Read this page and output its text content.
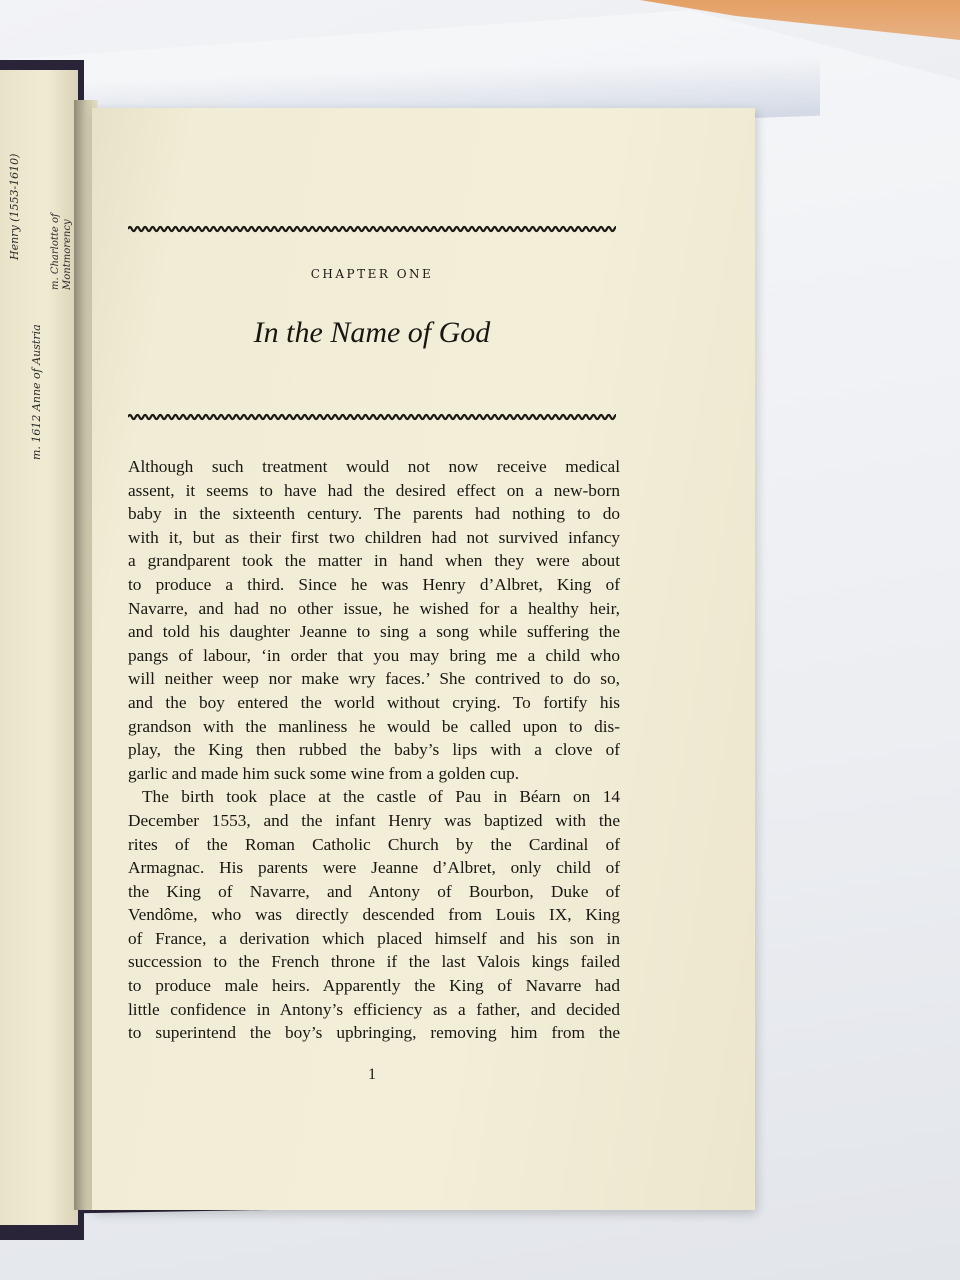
Henry (1553-1610)
m. 1612 Anne of Austria
m. Charlotte of Montmorency	CHAPTER ONE
In the Name of God
Although such treatment would not now receive medical
assent, it seems to have had the desired effect on a new-born
baby in the sixteenth century. The parents had nothing to do
with it, but as their first two children had not survived infancy
a grandparent took the matter in hand when they were about
to produce a third. Since he was Henry d’Albret, King of
Navarre, and had no other issue, he wished for a healthy heir,
and told his daughter Jeanne to sing a song while suffering the
pangs of labour, ‘in order that you may bring me a child who
will neither weep nor make wry faces.’ She contrived to do so,
and the boy entered the world without crying. To fortify his
grandson with the manliness he would be called upon to dis-
play, the King then rubbed the baby’s lips with a clove of
garlic and made him suck some wine from a golden cup.
The birth took place at the castle of Pau in Béarn on 14
December 1553, and the infant Henry was baptized with the
rites of the Roman Catholic Church by the Cardinal of
Armagnac. His parents were Jeanne d’Albret, only child of
the King of Navarre, and Antony of Bourbon, Duke of
Vendôme, who was directly descended from Louis IX, King
of France, a derivation which placed himself and his son in
succession to the French throne if the last Valois kings failed
to produce male heirs. Apparently the King of Navarre had
little confidence in Antony’s efficiency as a father, and decided
to superintend the boy’s upbringing, removing him from the
1
